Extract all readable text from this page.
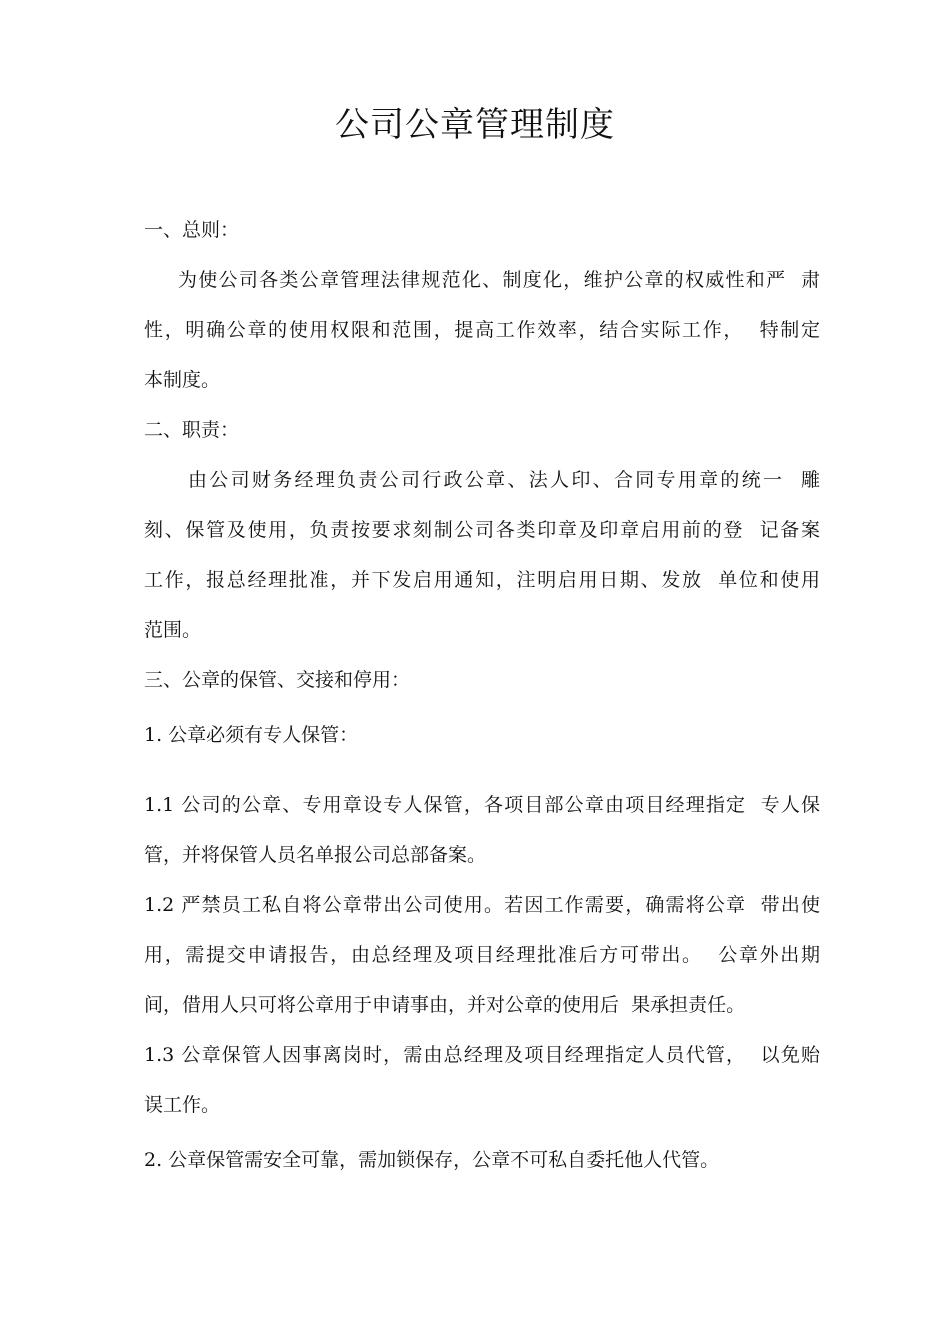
公司公章管理制度
一、总则：
为使公司各类公章管理法律规范化、制度化，维护公章的权威性和严  肃
性，明确公章的使用权限和范围，提高工作效率，结合实际工作，  特制定
本制度。
二、职责：
由公司财务经理负责公司行政公章、法人印、合同专用章的统一  雕
刻、保管及使用，负责按要求刻制公司各类印章及印章启用前的登  记备案
工作，报总经理批准，并下发启用通知，注明启用日期、发放  单位和使用
范围。
三、公章的保管、交接和停用：
1. 公章必须有专人保管：
1.1 公司的公章、专用章设专人保管，各项目部公章由项目经理指定  专人保
管，并将保管人员名单报公司总部备案。
1.2 严禁员工私自将公章带出公司使用。若因工作需要，确需将公章  带出使
用，需提交申请报告，由总经理及项目经理批准后方可带出。  公章外出期
间，借用人只可将公章用于申请事由，并对公章的使用后  果承担责任。
1.3 公章保管人因事离岗时，需由总经理及项目经理指定人员代管，  以免贻
误工作。
2. 公章保管需安全可靠，需加锁保存，公章不可私自委托他人代管。
